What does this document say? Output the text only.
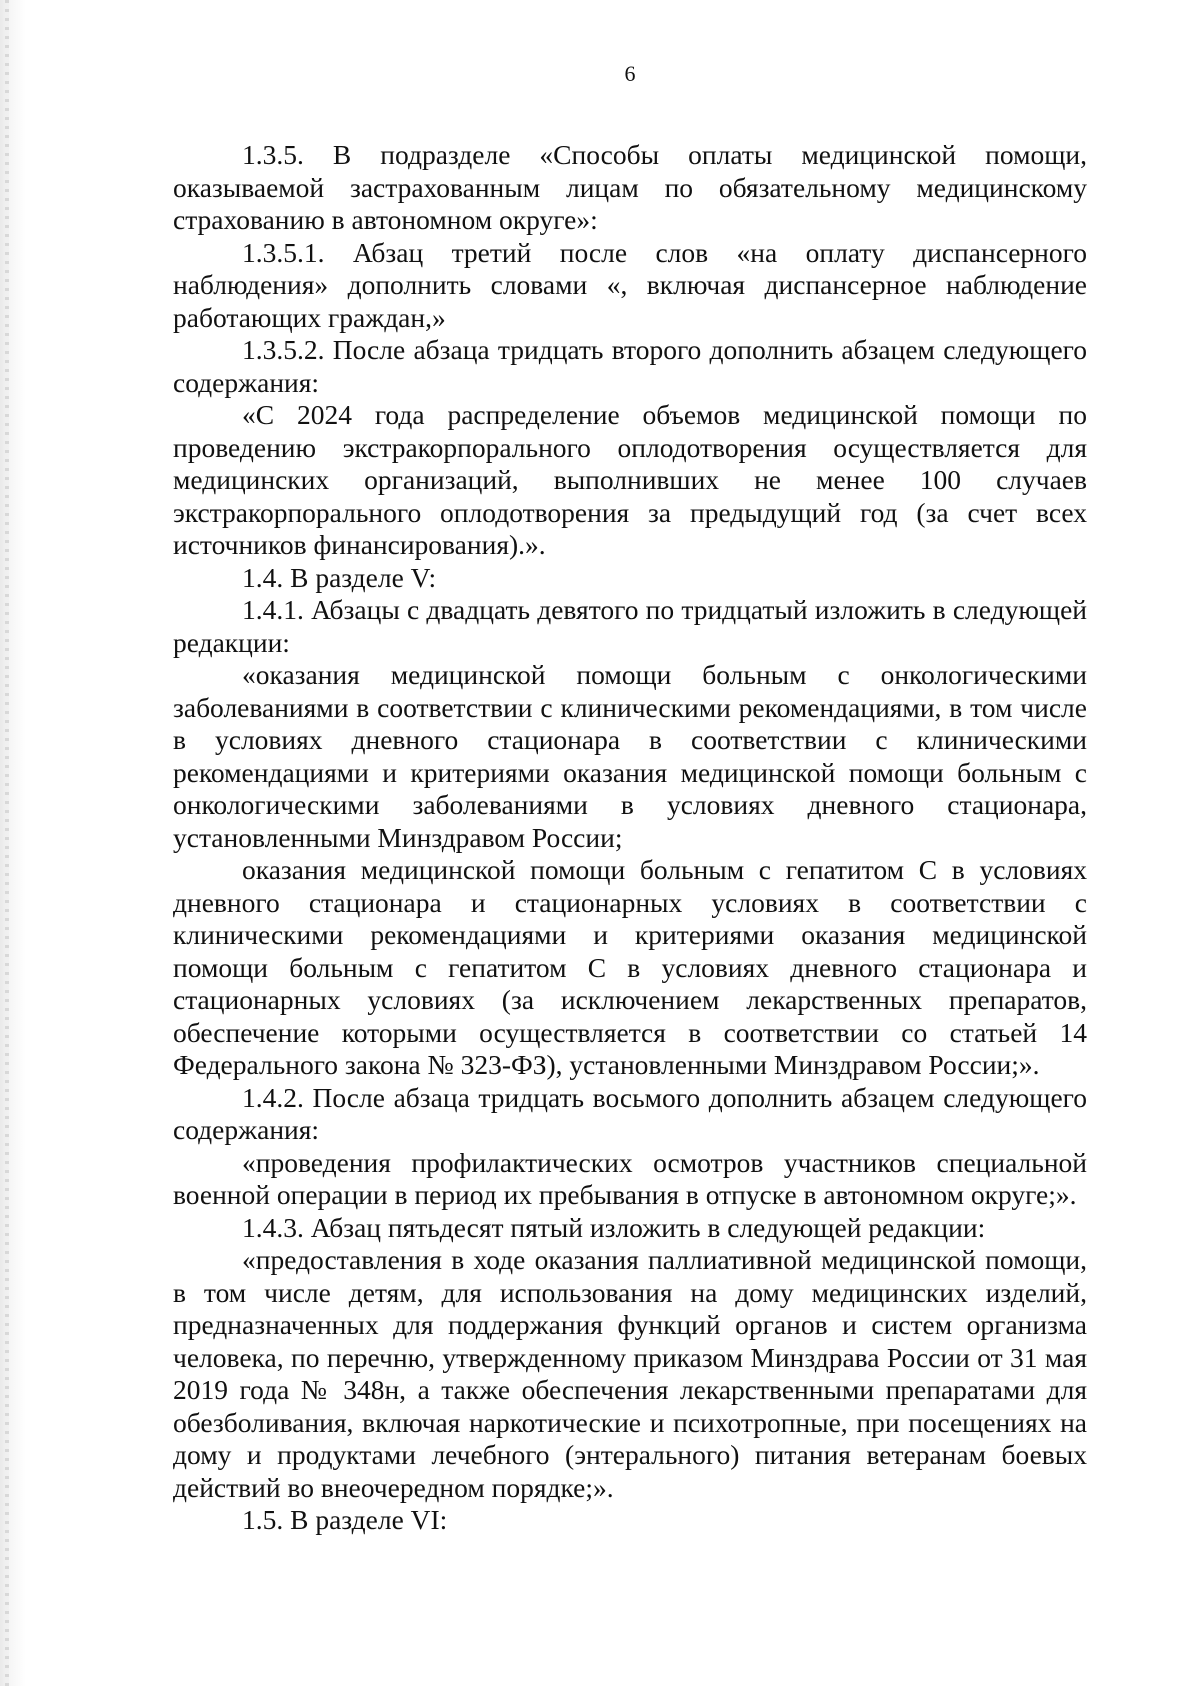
6

1.3.5. В подразделе «Способы оплаты медицинской помощи, оказываемой застрахованным лицам по обязательному медицинскому страхованию в автономном округе»:

1.3.5.1. Абзац третий после слов «на оплату диспансерного наблюдения» дополнить словами «, включая диспансерное наблюдение работающих граждан,»

1.3.5.2. После абзаца тридцать второго дополнить абзацем следующего содержания:

«С 2024 года распределение объемов медицинской помощи по проведению экстракорпорального оплодотворения осуществляется для медицинских организаций, выполнивших не менее 100 случаев экстракорпорального оплодотворения за предыдущий год (за счет всех источников финансирования).».

1.4. В разделе V:

1.4.1. Абзацы с двадцать девятого по тридцатый изложить в следующей редакции:

«оказания медицинской помощи больным с онкологическими заболеваниями в соответствии с клиническими рекомендациями, в том числе в условиях дневного стационара в соответствии с клиническими рекомендациями и критериями оказания медицинской помощи больным с онкологическими заболеваниями в условиях дневного стационара, установленными Минздравом России;

оказания медицинской помощи больным с гепатитом С в условиях дневного стационара и стационарных условиях в соответствии с клиническими рекомендациями и критериями оказания медицинской помощи больным с гепатитом С в условиях дневного стационара и стационарных условиях (за исключением лекарственных препаратов, обеспечение которыми осуществляется в соответствии со статьей 14 Федерального закона № 323-ФЗ), установленными Минздравом России;».

1.4.2. После абзаца тридцать восьмого дополнить абзацем следующего содержания:

«проведения профилактических осмотров участников специальной военной операции в период их пребывания в отпуске в автономном округе;».

1.4.3. Абзац пятьдесят пятый изложить в следующей редакции:

«предоставления в ходе оказания паллиативной медицинской помощи, в том числе детям, для использования на дому медицинских изделий, предназначенных для поддержания функций органов и систем организма человека, по перечню, утвержденному приказом Минздрава России от 31 мая 2019 года № 348н, а также обеспечения лекарственными препаратами для обезболивания, включая наркотические и психотропные, при посещениях на дому и продуктами лечебного (энтерального) питания ветеранам боевых действий во внеочередном порядке;».

1.5. В разделе VI:
